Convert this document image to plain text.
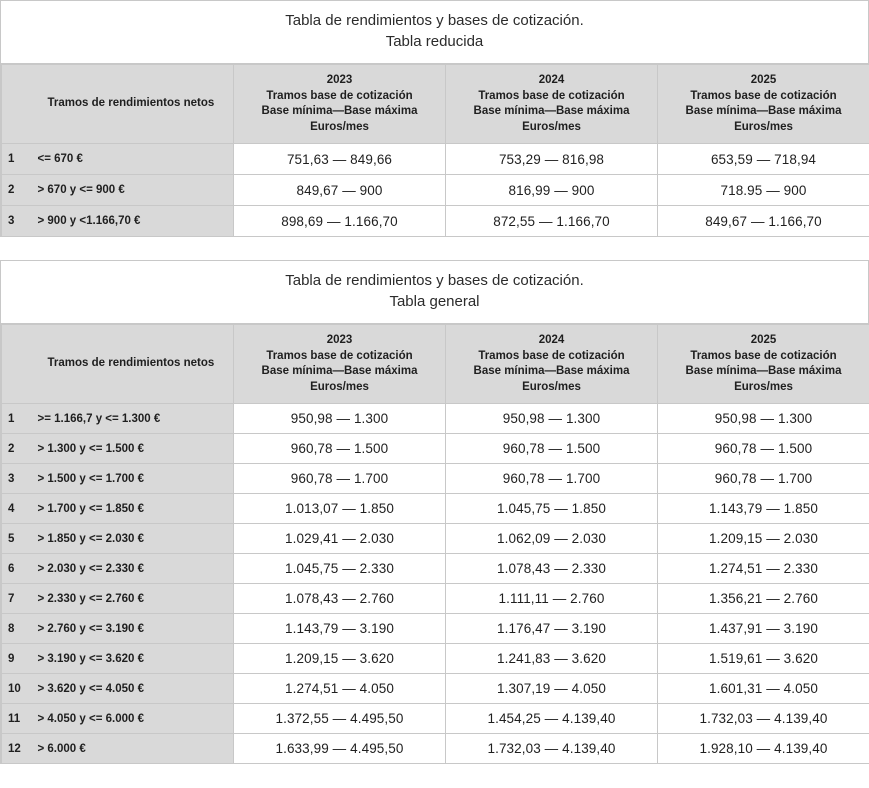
Tabla de rendimientos y bases de cotización.
Tabla reducida
	Tramos de rendimientos netos	2023
Tramos base de cotización
Base mínima—Base máxima
Euros/mes	2024
Tramos base de cotización
Base mínima—Base máxima
Euros/mes	2025
Tramos base de cotización
Base mínima—Base máxima
Euros/mes

1	<= 670 €	751,63 — 849,66	753,29 — 816,98	653,59 — 718,94
2	> 670 y <= 900 €	849,67 — 900	816,99 — 900	718.95 — 900
3	> 900 y <1.166,70 €	898,69 — 1.166,70	872,55 — 1.166,70	849,67 — 1.166,70
Tabla de rendimientos y bases de cotización.
Tabla general
	Tramos de rendimientos netos	2023
Tramos base de cotización
Base mínima—Base máxima
Euros/mes	2024
Tramos base de cotización
Base mínima—Base máxima
Euros/mes	2025
Tramos base de cotización
Base mínima—Base máxima
Euros/mes

1	>= 1.166,7 y <= 1.300 €	950,98 — 1.300	950,98 — 1.300	950,98 — 1.300
2	> 1.300 y <= 1.500 €	960,78 — 1.500	960,78 — 1.500	960,78 — 1.500
3	> 1.500 y <= 1.700 €	960,78 — 1.700	960,78 — 1.700	960,78 — 1.700
4	> 1.700 y <= 1.850 €	1.013,07 — 1.850	1.045,75 — 1.850	1.143,79 — 1.850
5	> 1.850 y <= 2.030 €	1.029,41 — 2.030	1.062,09 — 2.030	1.209,15 — 2.030
6	> 2.030 y <= 2.330 €	1.045,75 — 2.330	1.078,43 — 2.330	1.274,51 — 2.330
7	> 2.330 y <= 2.760 €	1.078,43 — 2.760	1.111,11 — 2.760	1.356,21 — 2.760
8	> 2.760 y <= 3.190 €	1.143,79 — 3.190	1.176,47 — 3.190	1.437,91 — 3.190
9	> 3.190 y <= 3.620 €	1.209,15 — 3.620	1.241,83 — 3.620	1.519,61 — 3.620
10	> 3.620 y <= 4.050 €	1.274,51 — 4.050	1.307,19 — 4.050	1.601,31 — 4.050
11	> 4.050 y <= 6.000 €	1.372,55 — 4.495,50	1.454,25 — 4.139,40	1.732,03 — 4.139,40
12	> 6.000 €	1.633,99 — 4.495,50	1.732,03 — 4.139,40	1.928,10 — 4.139,40
